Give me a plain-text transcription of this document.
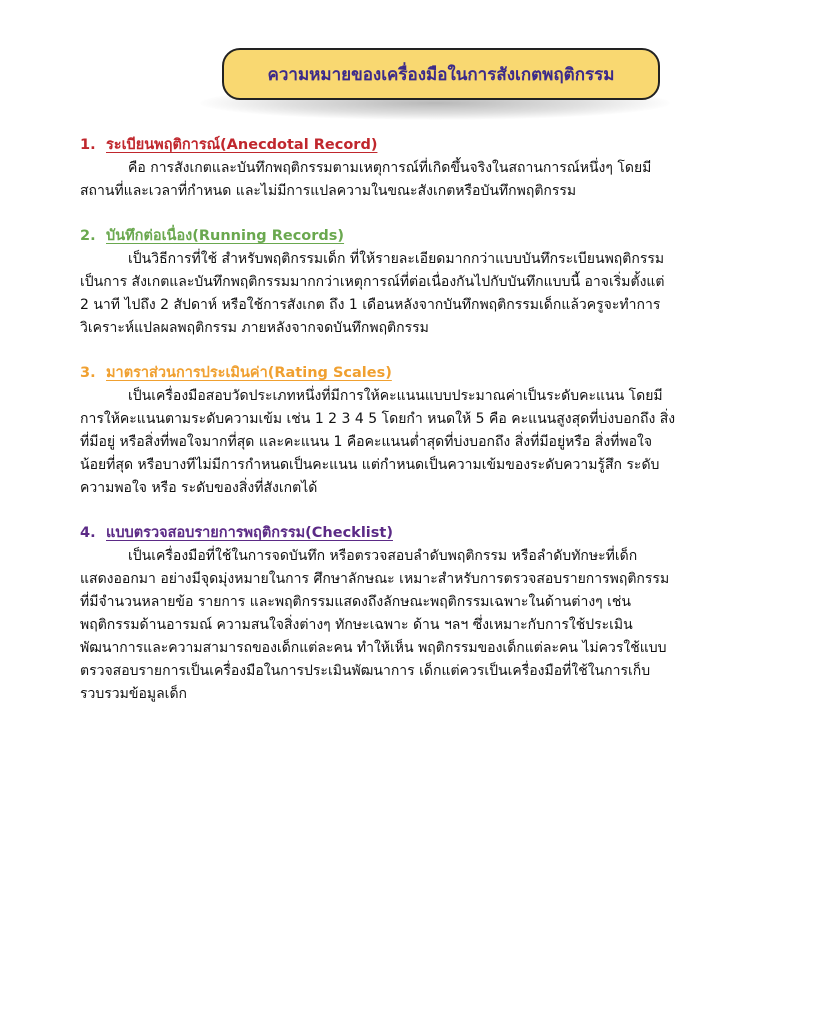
ความหมายของเครื่องมือในการสังเกตพฤติกรรม
1. ระเบียนพฤติการณ์(Anecdotal Record)
คือ การสังเกตและบันทึกพฤติกรรมตามเหตุการณ์ที่เกิดขึ้นจริงในสถานการณ์หนึ่งๆ โดยมี
สถานที่และเวลาที่กำหนด และไม่มีการแปลความในขณะสังเกตหรือบันทึกพฤติกรรม
2. บันทึกต่อเนื่อง(Running Records)
เป็นวิธีการที่ใช้ สำหรับพฤติกรรมเด็ก ที่ให้รายละเอียดมากกว่าแบบบันทึกระเบียนพฤติกรรม
เป็นการ สังเกตและบันทึกพฤติกรรมมากกว่าเหตุการณ์ที่ต่อเนื่องกันไปกับบันทึกแบบนี้ อาจเริ่มตั้งแต่
2 นาที ไปถึง 2 สัปดาห์ หรือใช้การสังเกต ถึง 1 เดือนหลังจากบันทึกพฤติกรรมเด็กแล้วครูจะทำการ
วิเคราะห์แปลผลพฤติกรรม ภายหลังจากจดบันทึกพฤติกรรม
3. มาตราส่วนการประเมินค่า(Rating Scales)
เป็นเครื่องมือสอบวัดประเภทหนึ่งที่มีการให้คะแนนแบบประมาณค่าเป็นระดับคะแนน โดยมี
การให้คะแนนตามระดับความเข้ม เช่น 1 2 3 4 5 โดยกำ หนดให้ 5 คือ คะแนนสูงสุดที่บ่งบอกถึง สิ่ง
ที่มีอยู่ หรือสิ่งที่พอใจมากที่สุด และคะแนน 1 คือคะแนนต่ำสุดที่บ่งบอกถึง สิ่งที่มีอยู่หรือ สิ่งที่พอใจ
น้อยที่สุด หรือบางทีไม่มีการกำหนดเป็นคะแนน แต่กำหนดเป็นความเข้มของระดับความรู้สึก ระดับ
ความพอใจ หรือ ระดับของสิ่งที่สังเกตได้
4. แบบตรวจสอบรายการพฤติกรรม(Checklist)
เป็นเครื่องมือที่ใช้ในการจดบันทึก หรือตรวจสอบลำดับพฤติกรรม หรือลำดับทักษะที่เด็ก
แสดงออกมา อย่างมีจุดมุ่งหมายในการ ศึกษาลักษณะ เหมาะสำหรับการตรวจสอบรายการพฤติกรรม
ที่มีจำนวนหลายข้อ รายการ และพฤติกรรมแสดงถึงลักษณะพฤติกรรมเฉพาะในด้านต่างๆ เช่น
พฤติกรรมด้านอารมณ์ ความสนใจสิ่งต่างๆ ทักษะเฉพาะ ด้าน ฯลฯ ซึ่งเหมาะกับการใช้ประเมิน
พัฒนาการและความสามารถของเด็กแต่ละคน ทำให้เห็น พฤติกรรมของเด็กแต่ละคน ไม่ควรใช้แบบ
ตรวจสอบรายการเป็นเครื่องมือในการประเมินพัฒนาการ เด็กแต่ควรเป็นเครื่องมือที่ใช้ในการเก็บ
รวบรวมข้อมูลเด็ก
